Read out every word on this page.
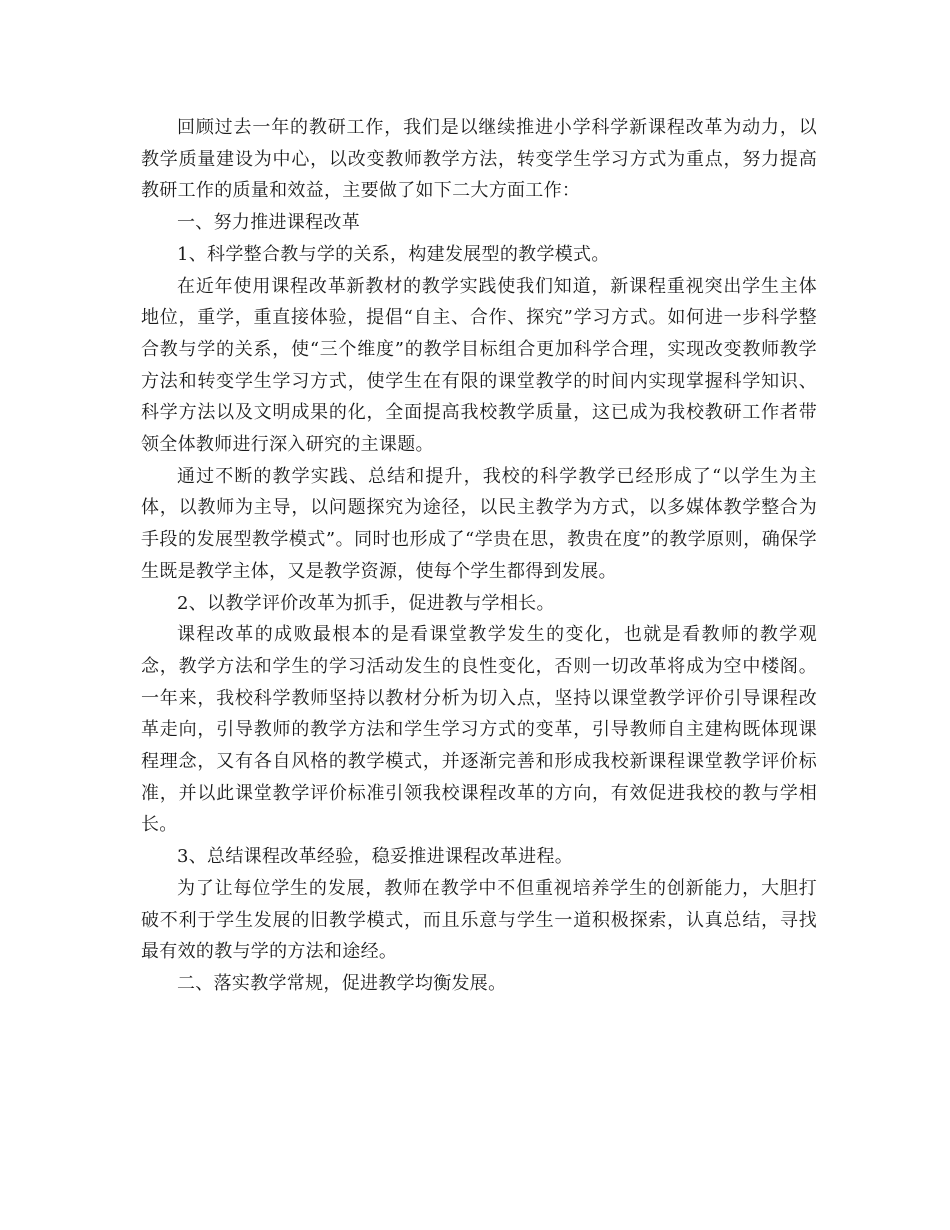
回顾过去一年的教研工作，我们是以继续推进小学科学新课程改革为动力，以教学质量建设为中心，以改变教师教学方法，转变学生学习方式为重点，努力提高教研工作的质量和效益，主要做了如下二大方面工作：

一、努力推进课程改革

1、科学整合教与学的关系，构建发展型的教学模式。

在近年使用课程改革新教材的教学实践使我们知道，新课程重视突出学生主体地位，重学，重直接体验，提倡“自主、合作、探究”学习方式。如何进一步科学整合教与学的关系，使“三个维度”的教学目标组合更加科学合理，实现改变教师教学方法和转变学生学习方式，使学生在有限的课堂教学的时间内实现掌握科学知识、科学方法以及文明成果的化，全面提高我校教学质量，这已成为我校教研工作者带领全体教师进行深入研究的主课题。

通过不断的教学实践、总结和提升，我校的科学教学已经形成了“以学生为主体，以教师为主导，以问题探究为途径，以民主教学为方式，以多媒体教学整合为手段的发展型教学模式”。同时也形成了“学贵在思，教贵在度”的教学原则，确保学生既是教学主体，又是教学资源，使每个学生都得到发展。

2、以教学评价改革为抓手，促进教与学相长。

课程改革的成败最根本的是看课堂教学发生的变化，也就是看教师的教学观念，教学方法和学生的学习活动发生的良性变化，否则一切改革将成为空中楼阁。一年来，我校科学教师坚持以教材分析为切入点，坚持以课堂教学评价引导课程改革走向，引导教师的教学方法和学生学习方式的变革，引导教师自主建构既体现课程理念，又有各自风格的教学模式，并逐渐完善和形成我校新课程课堂教学评价标准，并以此课堂教学评价标准引领我校课程改革的方向，有效促进我校的教与学相长。

3、总结课程改革经验，稳妥推进课程改革进程。

为了让每位学生的发展，教师在教学中不但重视培养学生的创新能力，大胆打破不利于学生发展的旧教学模式，而且乐意与学生一道积极探索，认真总结，寻找最有效的教与学的方法和途经。

二、落实教学常规，促进教学均衡发展。
